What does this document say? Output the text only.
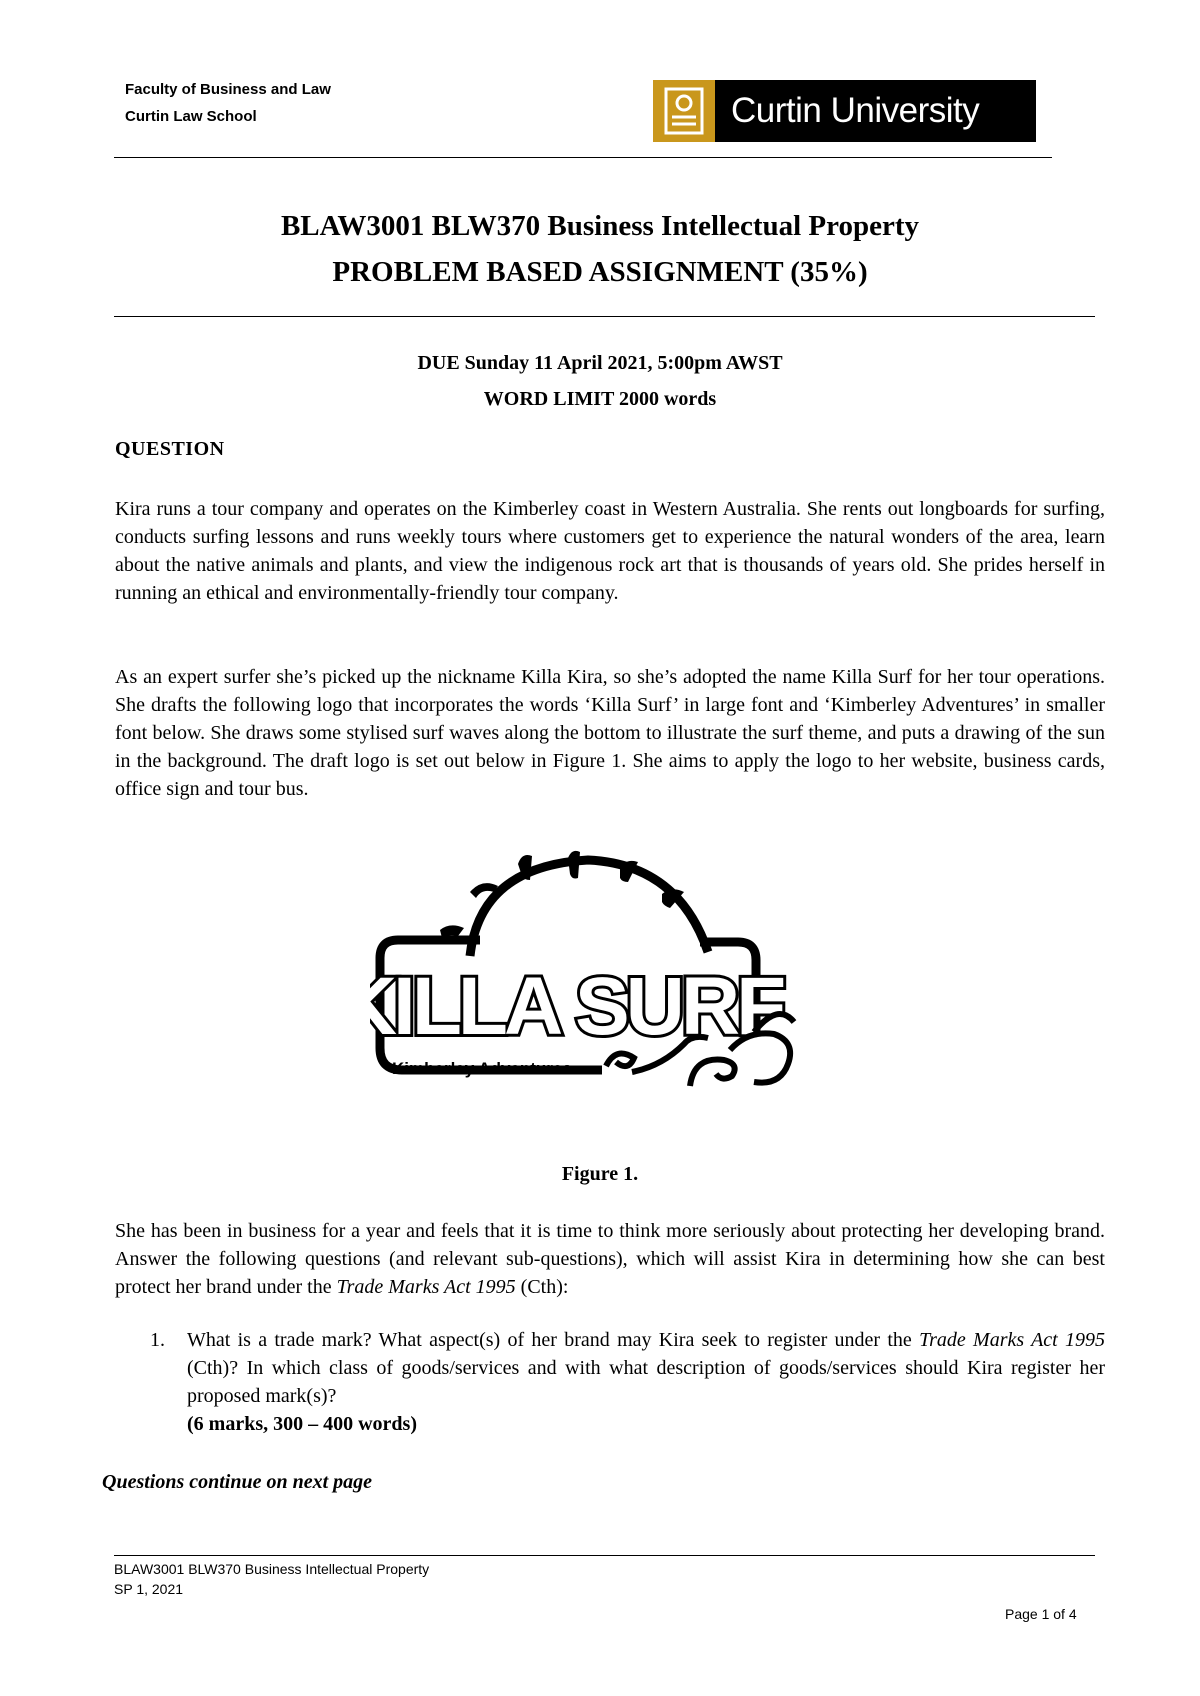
Faculty of Business and Law
Curtin Law School	Curtin University
BLAW3001 BLW370 Business Intellectual Property
PROBLEM BASED ASSIGNMENT (35%)
DUE Sunday 11 April 2021, 5:00pm AWST
WORD LIMIT 2000 words
QUESTION
Kira runs a tour company and operates on the Kimberley coast in Western Australia. She rents out longboards for surfing, conducts surfing lessons and runs weekly tours where customers get to experience the natural wonders of the area, learn about the native animals and plants, and view the indigenous rock art that is thousands of years old. She prides herself in running an ethical and environmentally-friendly tour company.
As an expert surfer she’s picked up the nickname Killa Kira, so she’s adopted the name Killa Surf for her tour operations. She drafts the following logo that incorporates the words ‘Killa Surf’ in large font and ‘Kimberley Adventures’ in smaller font below. She draws some stylised surf waves along the bottom to illustrate the surf theme, and puts a drawing of the sun in the background. The draft logo is set out below in Figure 1. She aims to apply the logo to her website, business cards, office sign and tour bus.
KILLA SURF
Kimberley Adventures
Figure 1.
She has been in business for a year and feels that it is time to think more seriously about protecting her developing brand. Answer the following questions (and relevant sub-questions), which will assist Kira in determining how she can best protect her brand under the Trade Marks Act 1995 (Cth):
1. What is a trade mark? What aspect(s) of her brand may Kira seek to register under the Trade Marks Act 1995 (Cth)? In which class of goods/services and with what description of goods/services should Kira register her proposed mark(s)?
(6 marks, 300 – 400 words)
Questions continue on next page
BLAW3001 BLW370 Business Intellectual Property
SP 1, 2021
Page 1 of 4
